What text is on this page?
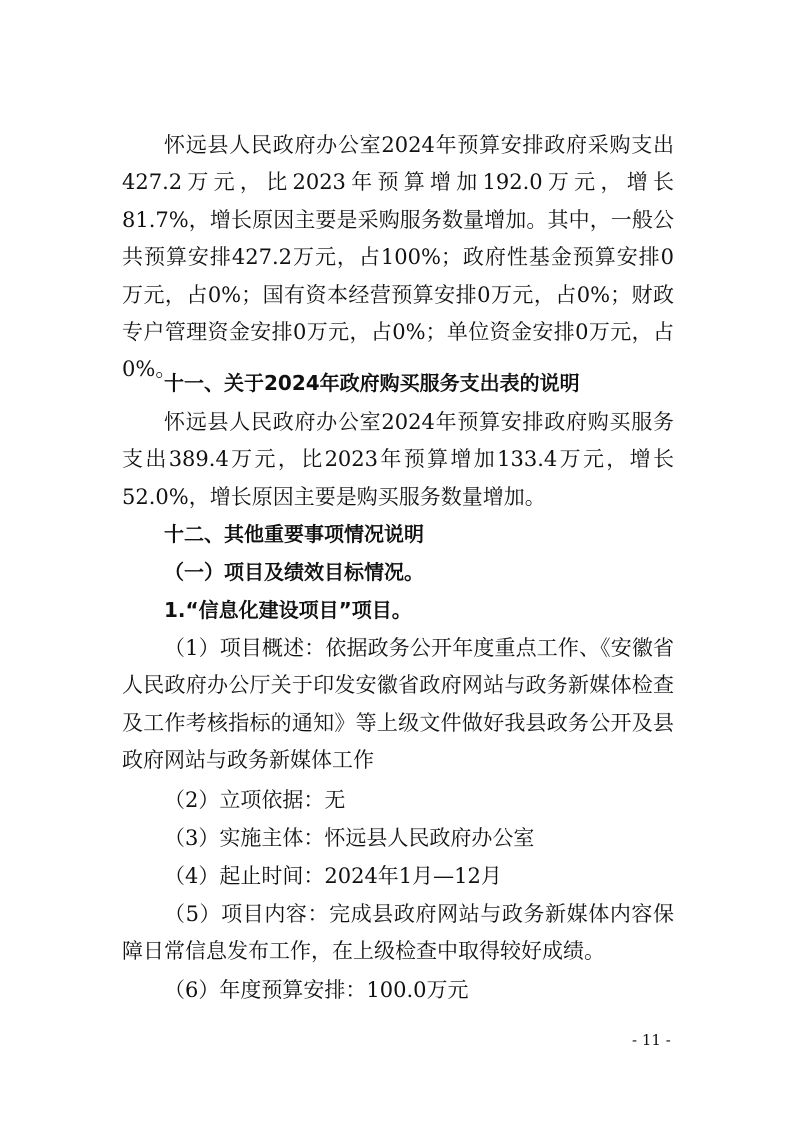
怀远县人民政府办公室2024年预算安排政府采购支出427.2万元，比2023年预算增加192.0万元，增长81.7%，增长原因主要是采购服务数量增加。其中，一般公共预算安排427.2万元，占100%；政府性基金预算安排0万元，占0%；国有资本经营预算安排0万元，占0%；财政专户管理资金安排0万元，占0%；单位资金安排0万元，占0%。

十一、关于2024年政府购买服务支出表的说明

怀远县人民政府办公室2024年预算安排政府购买服务支出389.4万元，比2023年预算增加133.4万元，增长52.0%，增长原因主要是购买服务数量增加。

十二、其他重要事项情况说明

（一）项目及绩效目标情况。

1.“信息化建设项目”项目。

（1）项目概述：依据政务公开年度重点工作、《安徽省人民政府办公厅关于印发安徽省政府网站与政务新媒体检查及工作考核指标的通知》等上级文件做好我县政务公开及县政府网站与政务新媒体工作

（2）立项依据：无

（3）实施主体：怀远县人民政府办公室

（4）起止时间：2024年1月—12月

（5）项目内容：完成县政府网站与政务新媒体内容保障日常信息发布工作，在上级检查中取得较好成绩。

（6）年度预算安排：100.0万元

- 11 -
